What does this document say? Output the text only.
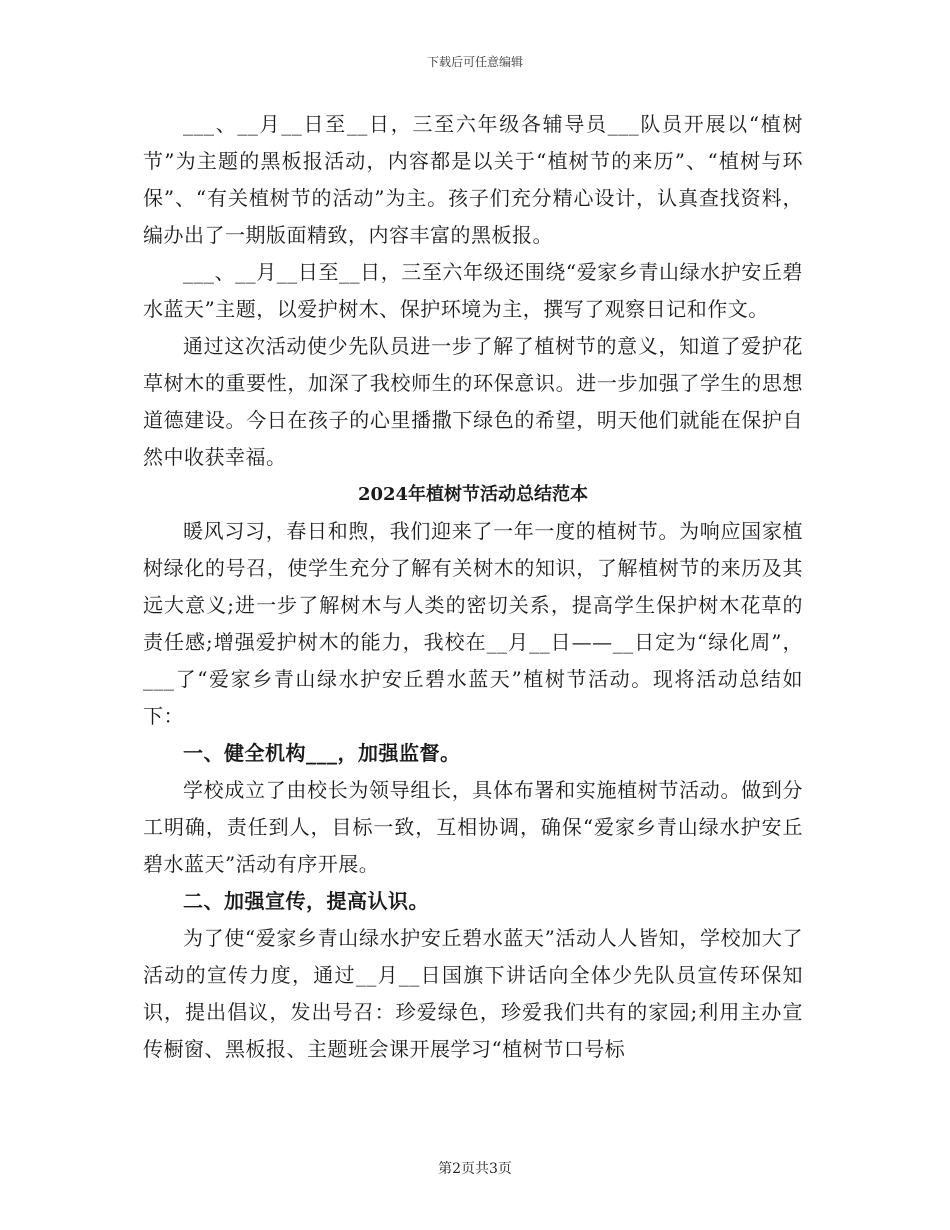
下载后可任意编辑

___、__月__日至__日，三至六年级各辅导员___队员开展以“植树节”为主题的黑板报活动，内容都是以关于“植树节的来历”、“植树与环保”、“有关植树节的活动”为主。孩子们充分精心设计，认真查找资料，编办出了一期版面精致，内容丰富的黑板报。

___、__月__日至__日，三至六年级还围绕“爱家乡青山绿水护安丘碧水蓝天”主题，以爱护树木、保护环境为主，撰写了观察日记和作文。

通过这次活动使少先队员进一步了解了植树节的意义，知道了爱护花草树木的重要性，加深了我校师生的环保意识。进一步加强了学生的思想道德建设。今日在孩子的心里播撒下绿色的希望，明天他们就能在保护自然中收获幸福。

2024年植树节活动总结范本

暖风习习，春日和煦，我们迎来了一年一度的植树节。为响应国家植树绿化的号召，使学生充分了解有关树木的知识，了解植树节的来历及其远大意义;进一步了解树木与人类的密切关系，提高学生保护树木花草的责任感;增强爱护树木的能力，我校在__月__日——__日定为“绿化周”，___了“爱家乡青山绿水护安丘碧水蓝天”植树节活动。现将活动总结如下：

一、健全机构___，加强监督。

学校成立了由校长为领导组长，具体布署和实施植树节活动。做到分工明确，责任到人，目标一致，互相协调，确保“爱家乡青山绿水护安丘碧水蓝天”活动有序开展。

二、加强宣传，提高认识。

为了使“爱家乡青山绿水护安丘碧水蓝天”活动人人皆知，学校加大了活动的宣传力度，通过__月__日国旗下讲话向全体少先队员宣传环保知识，提出倡议，发出号召：珍爱绿色，珍爱我们共有的家园;利用主办宣传橱窗、黑板报、主题班会课开展学习“植树节口号标

第2页共3页
